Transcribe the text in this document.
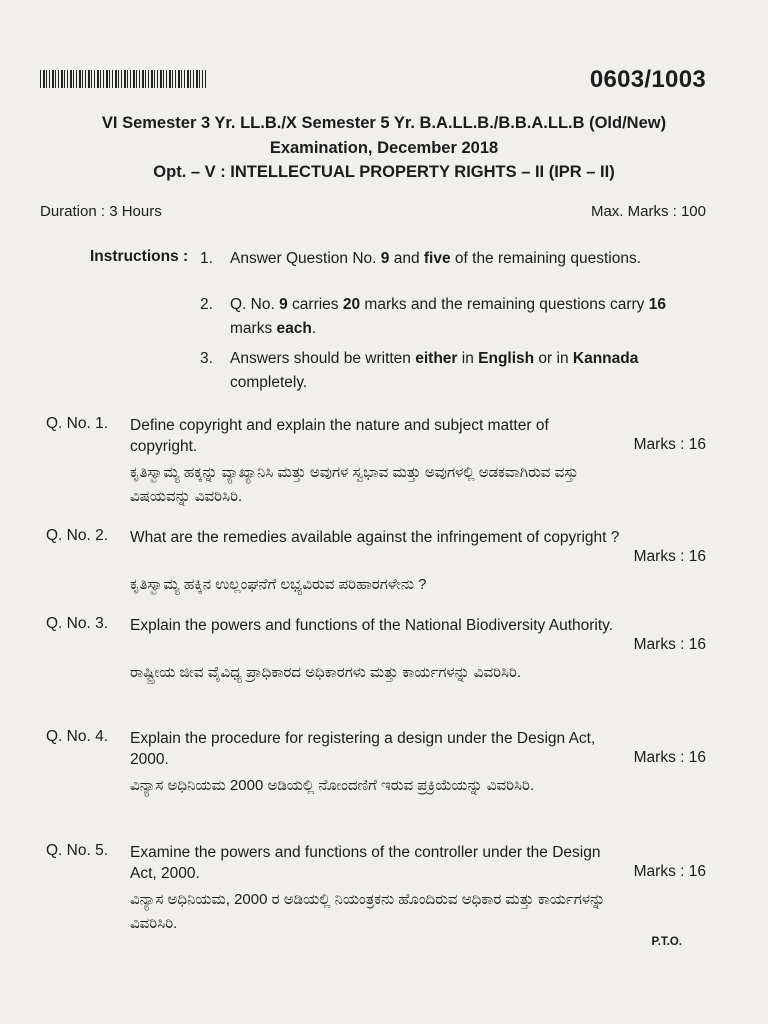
0603/1003
VI Semester 3 Yr. LL.B./X Semester 5 Yr. B.A.LL.B./B.B.A.LL.B (Old/New)
Examination, December 2018
Opt. – V : INTELLECTUAL PROPERTY RIGHTS – II (IPR – II)
Duration : 3 Hours	Max. Marks : 100
Instructions : 1.	Answer Question No. 9 and five of the remaining questions.
2.	Q. No. 9 carries 20 marks and the remaining questions carry 16 marks each.
3.	Answers should be written either in English or in Kannada completely.
Q. No. 1.	Define copyright and explain the nature and subject matter of copyright.	Marks : 16
ಕೃತಿಸ್ವಾಮ್ಯ ಹಕ್ಕನ್ನು ವ್ಯಾಖ್ಯಾನಿಸಿ ಮತ್ತು ಅವುಗಳ ಸ್ವಭಾವ ಮತ್ತು ಅವುಗಳಲ್ಲಿ ಅಡಕವಾಗಿರುವ ವಸ್ತು ವಿಷಯವನ್ನು ವಿವರಿಸಿರಿ.
Q. No. 2.	What are the remedies available against the infringement of copyright ?
Marks : 16
ಕೃತಿಸ್ವಾಮ್ಯ ಹಕ್ಕಿನ ಉಲ್ಲಂಘನೆಗೆ ಲಭ್ಯವಿರುವ ಪರಿಹಾರಗಳೇನು ?
Q. No. 3.	Explain the powers and functions of the National Biodiversity Authority.
Marks : 16
ರಾಷ್ಟ್ರೀಯ ಜೀವ ವೈವಿಧ್ಯ ಪ್ರಾಧಿಕಾರದ ಅಧಿಕಾರಗಳು ಮತ್ತು ಕಾರ್ಯಗಳನ್ನು ವಿವರಿಸಿರಿ.
Q. No. 4.	Explain the procedure for registering a design under the Design Act, 2000.	Marks : 16
ವಿನ್ಯಾಸ ಅಧಿನಿಯಮ 2000 ಅಡಿಯಲ್ಲಿ ನೋಂದಣಿಗೆ ಇರುವ ಪ್ರಕ್ರಿಯೆಯನ್ನು ವಿವರಿಸಿರಿ.
Q. No. 5.	Examine the powers and functions of the controller under the Design Act, 2000.	Marks : 16
ವಿನ್ಯಾಸ ಅಧಿನಿಯಮ, 2000 ರ ಅಡಿಯಲ್ಲಿ ನಿಯಂತ್ರಕನು ಹೊಂದಿರುವ ಅಧಿಕಾರ ಮತ್ತು ಕಾರ್ಯಗಳನ್ನು ವಿವರಿಸಿರಿ.
P.T.O.
